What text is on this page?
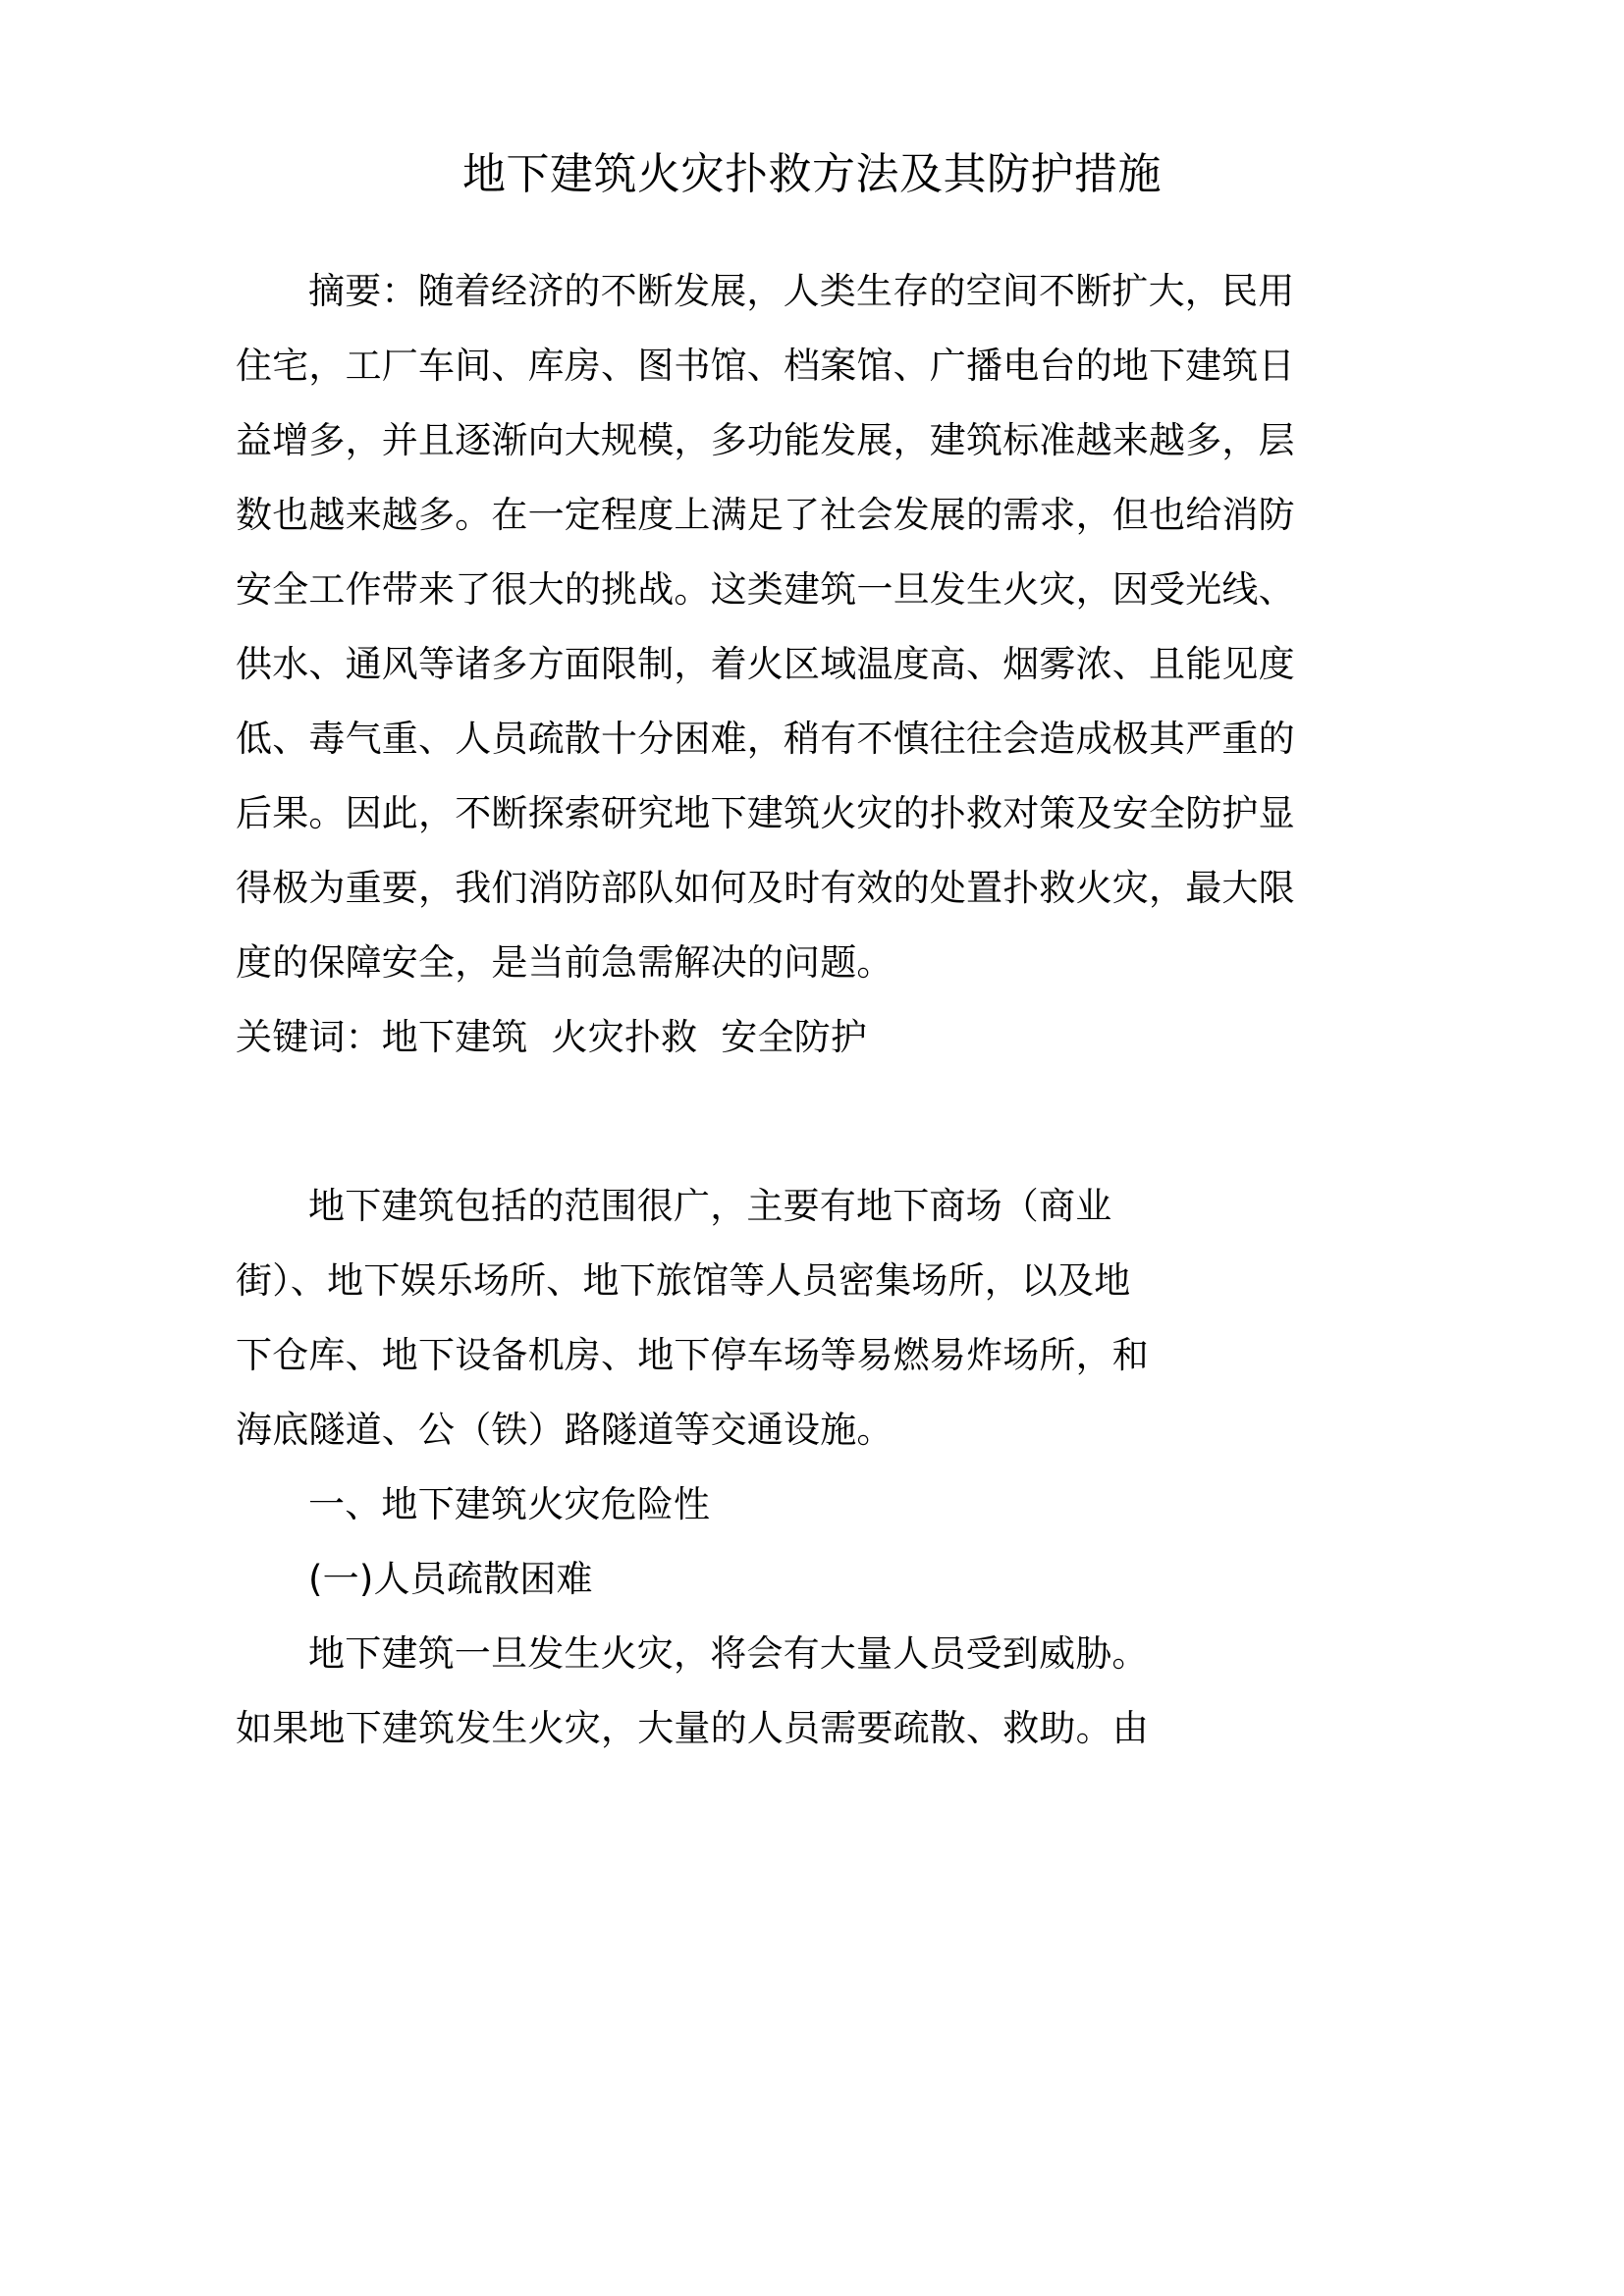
地下建筑火灾扑救方法及其防护措施

摘要：随着经济的不断发展，人类生存的空间不断扩大，民用

住宅，工厂车间、库房、图书馆、档案馆、广播电台的地下建筑日

益增多，并且逐渐向大规模，多功能发展，建筑标准越来越多，层

数也越来越多。在一定程度上满足了社会发展的需求，但也给消防

安全工作带来了很大的挑战。这类建筑一旦发生火灾，因受光线、

供水、通风等诸多方面限制，着火区域温度高、烟雾浓、且能见度

低、毒气重、人员疏散十分困难，稍有不慎往往会造成极其严重的

后果。因此，不断探索研究地下建筑火灾的扑救对策及安全防护显

得极为重要，我们消防部队如何及时有效的处置扑救火灾，最大限

度的保障安全，是当前急需解决的问题。

关键词：地下建筑  火灾扑救  安全防护

地下建筑包括的范围很广，主要有地下商场（商业

街）、地下娱乐场所、地下旅馆等人员密集场所，以及地

下仓库、地下设备机房、地下停车场等易燃易炸场所，和

海底隧道、公（铁）路隧道等交通设施。

一、地下建筑火灾危险性

(一)人员疏散困难

地下建筑一旦发生火灾，将会有大量人员受到威胁。

如果地下建筑发生火灾，大量的人员需要疏散、救助。由
